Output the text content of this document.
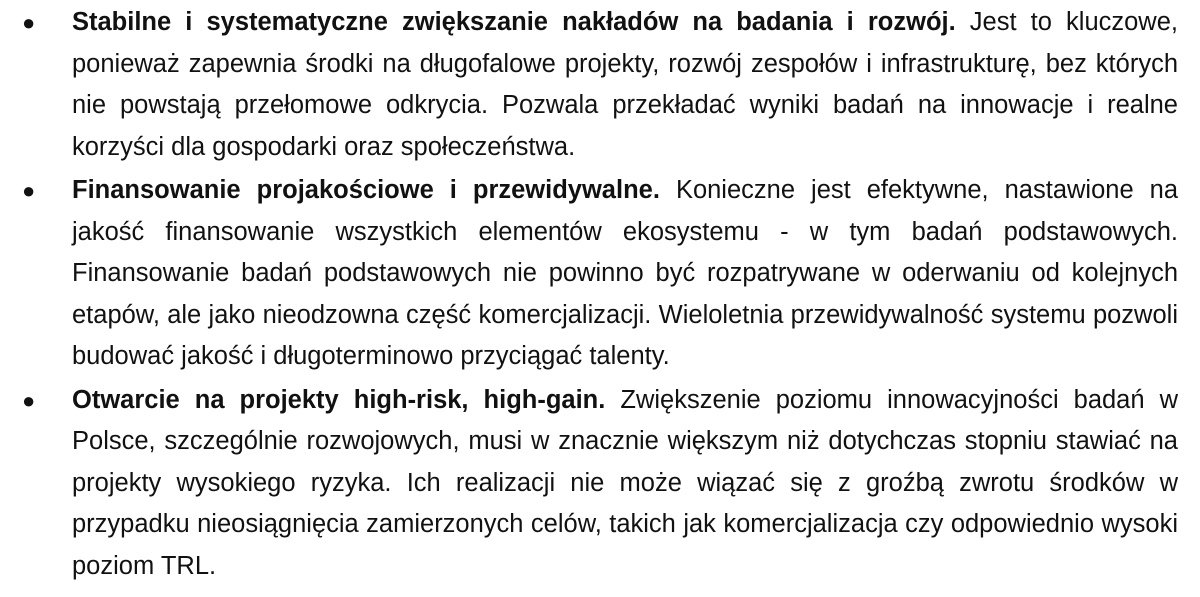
● Stabilne i systematyczne zwiększanie nakładów na badania i rozwój. Jest to kluczowe, ponieważ zapewnia środki na długofalowe projekty, rozwój zespołów i infrastrukturę, bez których nie powstają przełomowe odkrycia. Pozwala przekładać wyniki badań na innowacje i realne korzyści dla gospodarki oraz społeczeństwa.
● Finansowanie projakościowe i przewidywalne. Konieczne jest efektywne, nastawione na jakość finansowanie wszystkich elementów ekosystemu - w tym badań podstawowych. Finansowanie badań podstawowych nie powinno być rozpatrywane w oderwaniu od kolejnych etapów, ale jako nieodzowna część komercjalizacji. Wieloletnia przewidywalność systemu pozwoli budować jakość i długoterminowo przyciągać talenty.
● Otwarcie na projekty high-risk, high-gain. Zwiększenie poziomu innowacyjności badań w Polsce, szczególnie rozwojowych, musi w znacznie większym niż dotychczas stopniu stawiać na projekty wysokiego ryzyka. Ich realizacji nie może wiązać się z groźbą zwrotu środków w przypadku nieosiągnięcia zamierzonych celów, takich jak komercjalizacja czy odpowiednio wysoki poziom TRL.
